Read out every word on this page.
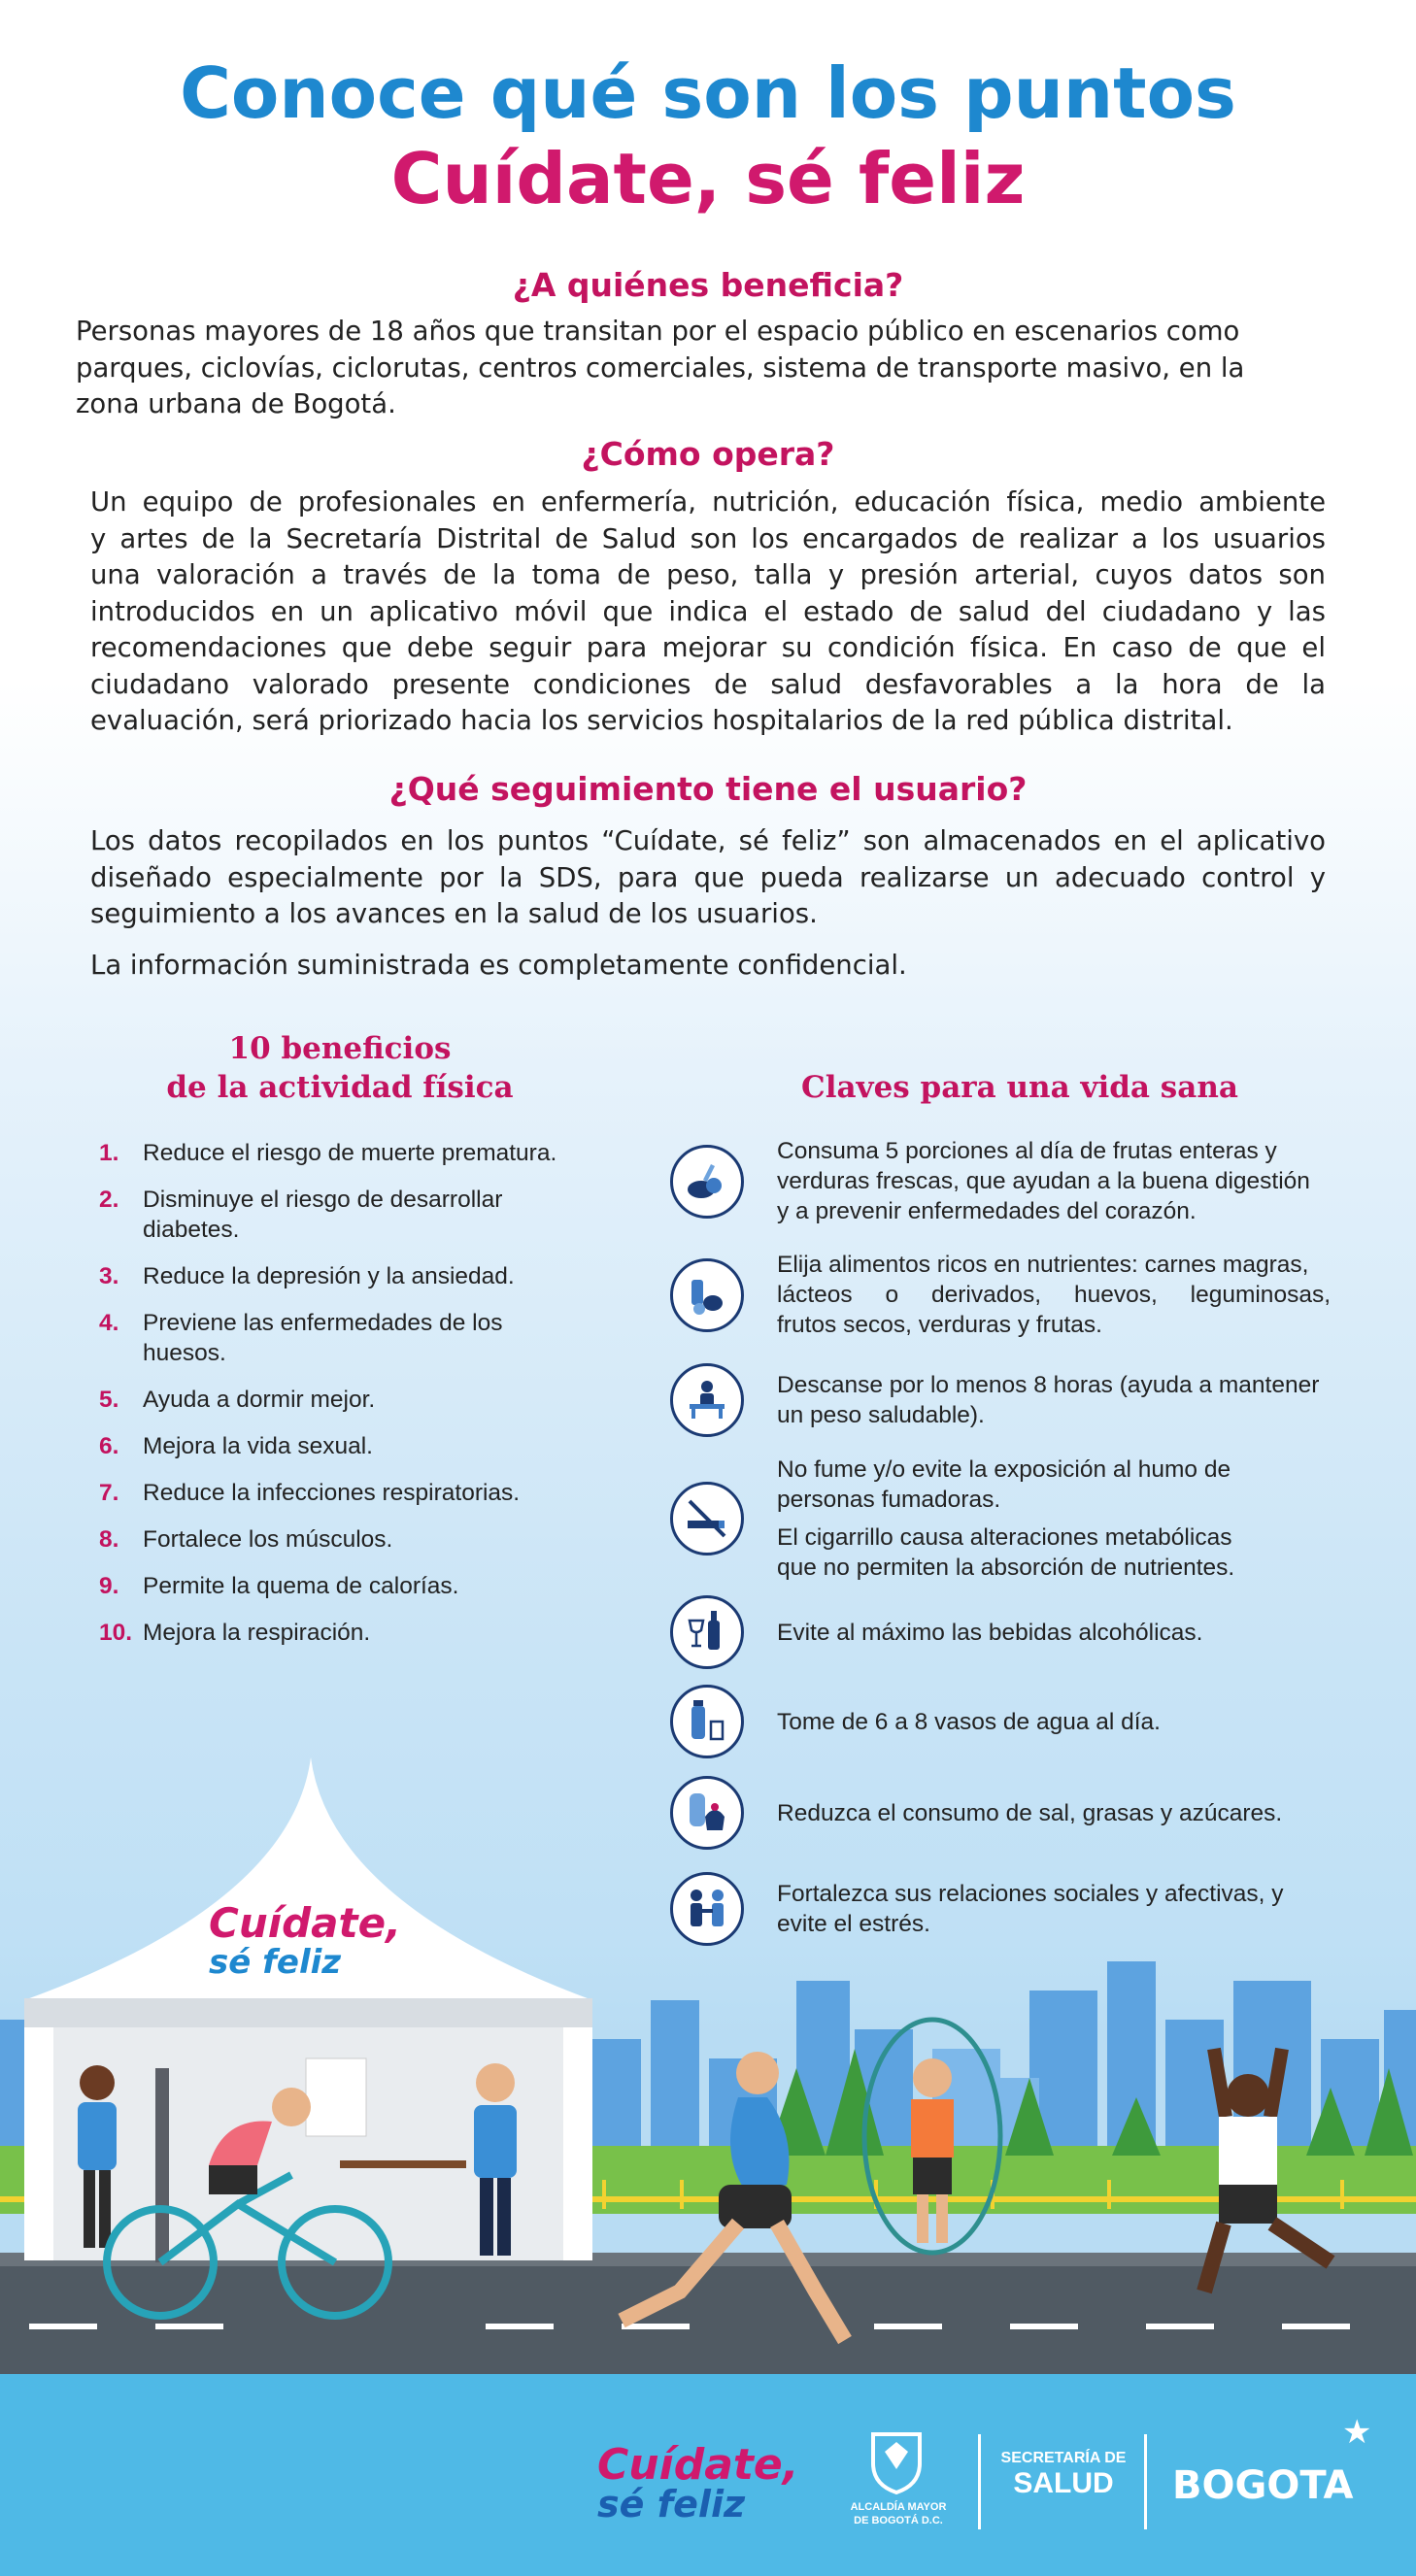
Conoce qué son los puntos
Cuídate, sé feliz
¿A quiénes beneficia?
Personas mayores de 18 años que transitan por el espacio público en escenarios como
parques, ciclovías, ciclorutas, centros comerciales, sistema de transporte masivo, en la
zona urbana de Bogotá.
¿Cómo opera?
Un equipo de profesionales en enfermería, nutrición, educación física, medio ambiente
y artes de la Secretaría Distrital de Salud son los encargados de realizar a los usuarios
una valoración a través de la toma de peso, talla y presión arterial, cuyos datos son
introducidos en un aplicativo móvil que indica el estado de salud del ciudadano y las
recomendaciones que debe seguir para mejorar su condición física. En caso de que el
ciudadano valorado presente condiciones de salud desfavorables a la hora de la
evaluación, será priorizado hacia los servicios hospitalarios de la red pública distrital.
¿Qué seguimiento tiene el usuario?
Los datos recopilados en los puntos “Cuídate, sé feliz” son almacenados en el aplicativo
diseñado especialmente por la SDS, para que pueda realizarse un adecuado control y
seguimiento a los avances en la salud de los usuarios.
La información suministrada es completamente confidencial.
10 beneficios
de la actividad física
1.	Reduce el riesgo de muerte prematura.
2.	Disminuye el riesgo de desarrollar diabetes.
3.	Reduce la depresión y la ansiedad.
4.	Previene las enfermedades de los huesos.
5.	Ayuda a dormir mejor.
6.	Mejora la vida sexual.
7.	Reduce la infecciones respiratorias.
8.	Fortalece los músculos.
9.	Permite la quema de calorías.
10. Mejora la respiración.
Claves para una vida sana
Consuma 5 porciones al día de frutas enteras y
verduras frescas, que ayudan a la buena digestión
y a prevenir enfermedades del corazón.
Elija alimentos ricos en nutrientes: carnes magras,
lácteos o derivados, huevos, leguminosas,
frutos secos, verduras y frutas.
Descanse por lo menos 8 horas (ayuda a mantener
un peso saludable).
No fume y/o evite la exposición al humo de
personas fumadoras.
El cigarrillo causa alteraciones metabólicas
que no permiten la absorción de nutrientes.
Evite al máximo las bebidas alcohólicas.
Tome de 6 a 8 vasos de agua al día.
Reduzca el consumo de sal, grasas y azúcares.
Fortalezca sus relaciones sociales y afectivas, y
evite el estrés.
Cuídate,
sé feliz
Cuídate,
sé feliz	ALCALDÍA MAYOR
DE BOGOTÁ D.C.
SECRETARÍA DE
SALUD	BOGOTA
★
